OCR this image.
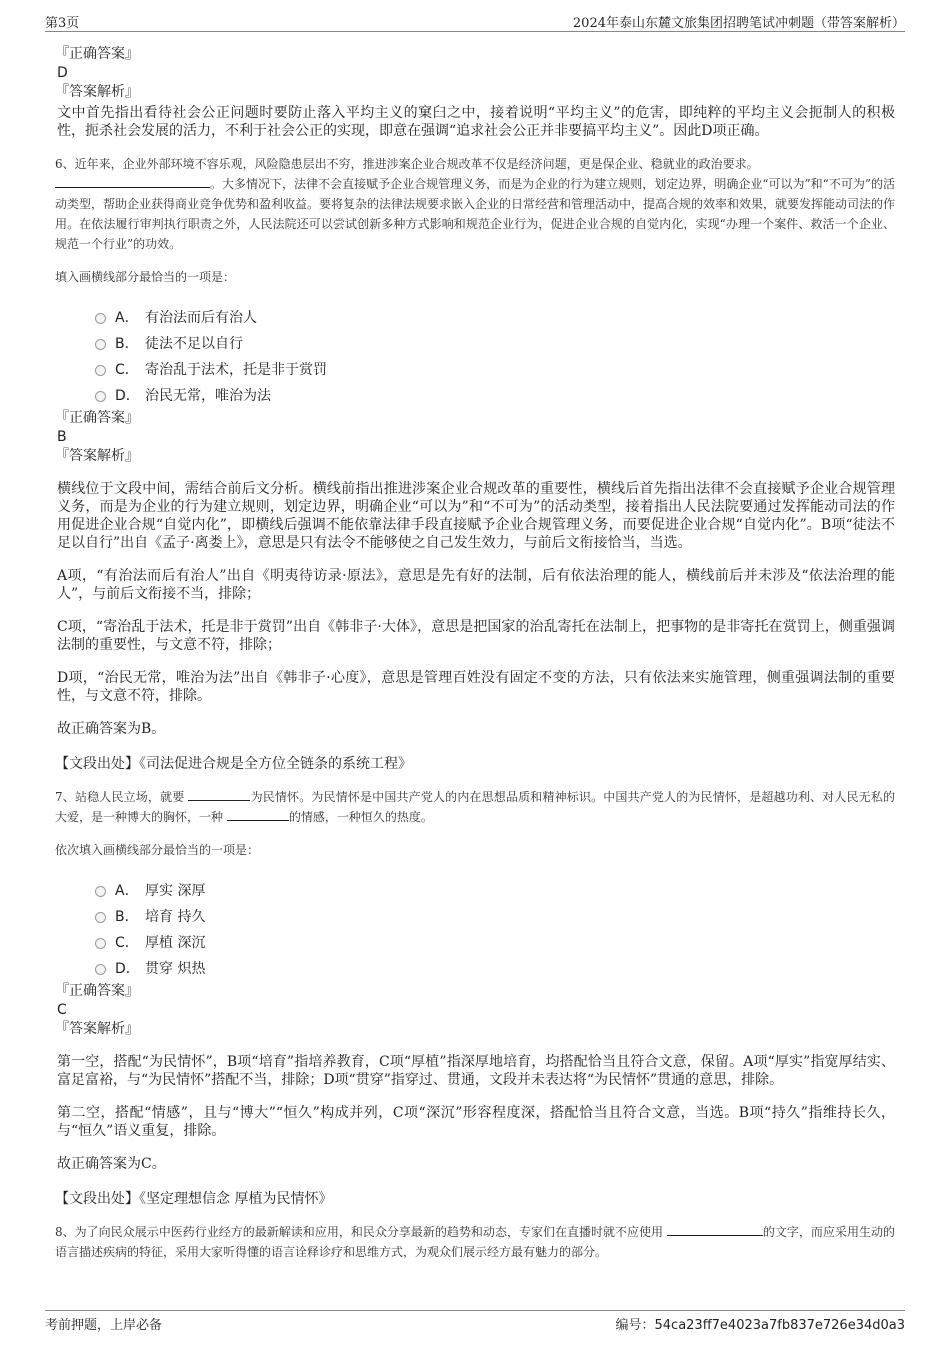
第3页	2024年泰山东麓文旅集团招聘笔试冲刺题（带答案解析）
『正确答案』
D
『答案解析』
文中首先指出看待社会公正问题时要防止落入平均主义的窠臼之中，接着说明“平均主义”的危害，即纯粹的平均主义会扼制人的积极性，扼杀社会发展的活力，不利于社会公正的实现，即意在强调“追求社会公正并非要搞平均主义”。因此D项正确。
6、近年来，企业外部环境不容乐观，风险隐患层出不穷，推进涉案企业合规改革不仅是经济问题，更是保企业、稳就业的政治要求。
。大多情况下，法律不会直接赋予企业合规管理义务，而是为企业的行为建立规则，划定边界，明确企业“可以为”和“不可为”的活动类型，帮助企业获得商业竞争优势和盈利收益。要将复杂的法律法规要求嵌入企业的日常经营和管理活动中，提高合规的效率和效果，就要发挥能动司法的作用。在依法履行审判执行职责之外，人民法院还可以尝试创新多种方式影响和规范企业行为，促进企业合规的自觉内化，实现“办理一个案件、救活一个企业、规范一个行业”的功效。
填入画横线部分最恰当的一项是：
A． 有治法而后有治人
B． 徒法不足以自行
C． 寄治乱于法术，托是非于赏罚
D． 治民无常，唯治为法
『正确答案』
B
『答案解析』
横线位于文段中间，需结合前后文分析。横线前指出推进涉案企业合规改革的重要性，横线后首先指出法律不会直接赋予企业合规管理义务，而是为企业的行为建立规则，划定边界，明确企业“可以为”和“不可为”的活动类型，接着指出人民法院要通过发挥能动司法的作用促进企业合规“自觉内化”，即横线后强调不能依靠法律手段直接赋予企业合规管理义务，而要促进企业合规“自觉内化”。B项“徒法不足以自行”出自《孟子·离娄上》，意思是只有法令不能够使之自己发生效力，与前后文衔接恰当，当选。
A项，“有治法而后有治人”出自《明夷待访录·原法》，意思是先有好的法制，后有依法治理的能人，横线前后并未涉及“依法治理的能人”，与前后文衔接不当，排除；
C项，“寄治乱于法术，托是非于赏罚”出自《韩非子·大体》，意思是把国家的治乱寄托在法制上，把事物的是非寄托在赏罚上，侧重强调法制的重要性，与文意不符，排除；
D项，“治民无常，唯治为法”出自《韩非子·心度》，意思是管理百姓没有固定不变的方法，只有依法来实施管理，侧重强调法制的重要性，与文意不符，排除。
故正确答案为B。
【文段出处】《司法促进合规是全方位全链条的系统工程》
7、站稳人民立场，就要	为民情怀。为民情怀是中国共产党人的内在思想品质和精神标识。中国共产党人的为民情怀，是超越功利、对人民无私的大爱，是一种博大的胸怀，一种	的情感，一种恒久的热度。
依次填入画横线部分最恰当的一项是：
A． 厚实 深厚
B． 培育 持久
C． 厚植 深沉
D． 贯穿 炽热
『正确答案』
C
『答案解析』
第一空，搭配“为民情怀”，B项“培育”指培养教育，C项“厚植”指深厚地培育，均搭配恰当且符合文意，保留。A项“厚实”指宽厚结实、富足富裕，与“为民情怀”搭配不当，排除；D项“贯穿”指穿过、贯通，文段并未表达将“为民情怀”贯通的意思，排除。
第二空，搭配“情感”，且与“博大”“恒久”构成并列，C项“深沉”形容程度深，搭配恰当且符合文意，当选。B项“持久”指维持长久，与“恒久”语义重复，排除。
故正确答案为C。
【文段出处】《坚定理想信念 厚植为民情怀》
8、为了向民众展示中医药行业经方的最新解读和应用，和民众分享最新的趋势和动态，专家们在直播时就不应使用	的文字，而应采用生动的语言描述疾病的特征，采用大家听得懂的语言诠释诊疗和思维方式，为观众们展示经方最有魅力的部分。
考前押题，上岸必备	编号：54ca23ff7e4023a7fb837e726e34d0a3
